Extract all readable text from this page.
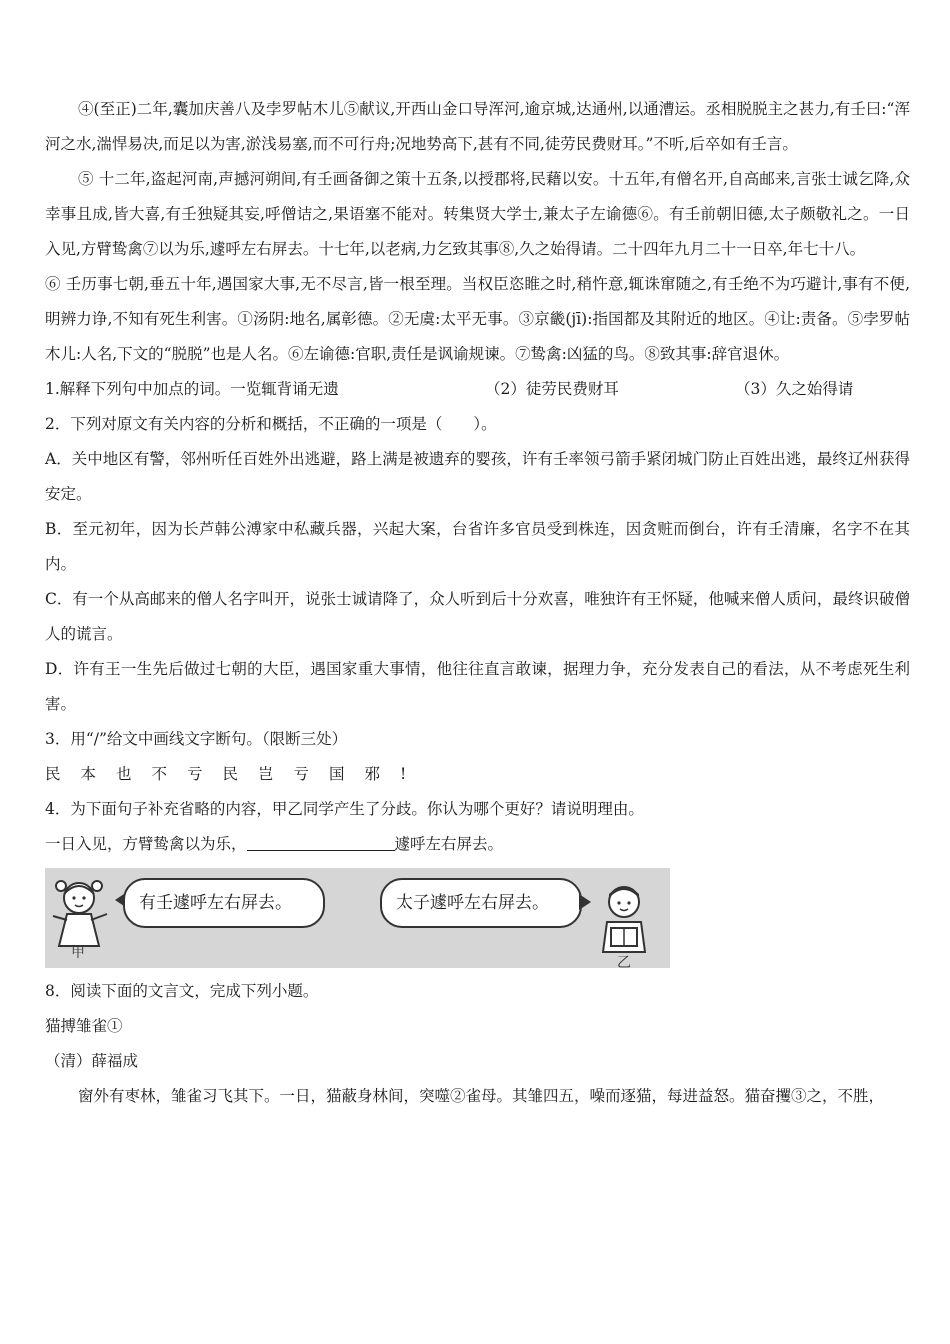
④(至正)二年,囊加庆善八及孛罗帖木儿⑤献议,开西山金口导浑河,逾京城,达通州,以通漕运。丞相脱脱主之甚力,有壬曰:“浑河之水,湍悍易决,而足以为害,淤浅易塞,而不可行舟;况地势高下,甚有不同,徒劳民费财耳。”不听,后卒如有壬言。

⑤ 十二年,盗起河南,声撼河朔间,有壬画备御之策十五条,以授郡将,民藉以安。十五年,有僧名开,自高邮来,言张士诚乞降,众幸事且成,皆大喜,有壬独疑其妄,呼僧诘之,果语塞不能对。转集贤大学士,兼太子左谕德⑥。有壬前朝旧德,太子颇敬礼之。一日入见,方臂鸷禽⑦以为乐,遽呼左右屏去。十七年,以老病,力乞致其事⑧,久之始得请。二十四年九月二十一日卒,年七十八。

⑥ 壬历事七朝,垂五十年,遇国家大事,无不尽言,皆一根至理。当权臣恣睢之时,稍忤意,辄诛窜随之,有壬绝不为巧避计,事有不便,明辨力诤,不知有死生利害。①汤阴:地名,属彰德。②无虞:太平无事。③京畿(jī):指国都及其附近的地区。④让:责备。⑤孛罗帖木儿:人名,下文的“脱脱”也是人名。⑥左谕德:官职,责任是讽谕规谏。⑦鸷禽:凶猛的鸟。⑧致其事:辞官退休。

1.解释下列句中加点的词。一览辄背诵无遗	（2）徒劳民费财耳	（3）久之始得请

2．下列对原文有关内容的分析和概括，不正确的一项是（　　）。

A．关中地区有警，邻州听任百姓外出逃避，路上满是被遗弃的婴孩，许有壬率领弓箭手紧闭城门防止百姓出逃，最终辽州获得安定。

B．至元初年，因为长芦韩公溥家中私藏兵器，兴起大案，台省许多官员受到株连，因贪赃而倒台，许有壬清廉，名字不在其内。

C．有一个从高邮来的僧人名字叫开，说张士诚请降了，众人听到后十分欢喜，唯独许有王怀疑，他喊来僧人质问，最终识破僧人的谎言。

D．许有王一生先后做过七朝的大臣，遇国家重大事情，他往往直言敢谏，据理力争，充分发表自己的看法，从不考虑死生利害。

3．用“/”给文中画线文字断句。（限断三处）

民本也不亏民岂亏国邪!

4．为下面句子补充省略的内容，甲乙同学产生了分歧。你认为哪个更好？请说明理由。

一日入见，方臂鸷禽以为乐，	遽呼左右屏去。

甲
有壬遽呼左右屏去。	太子遽呼左右屏去。
乙

8．阅读下面的文言文，完成下列小题。

猫搏雏雀①

（清）薛福成

窗外有枣林，雏雀习飞其下。一日，猫蔽身林间，突噬②雀母。其雏四五，噪而逐猫，每进益怒。猫奋攫③之，不胜，
